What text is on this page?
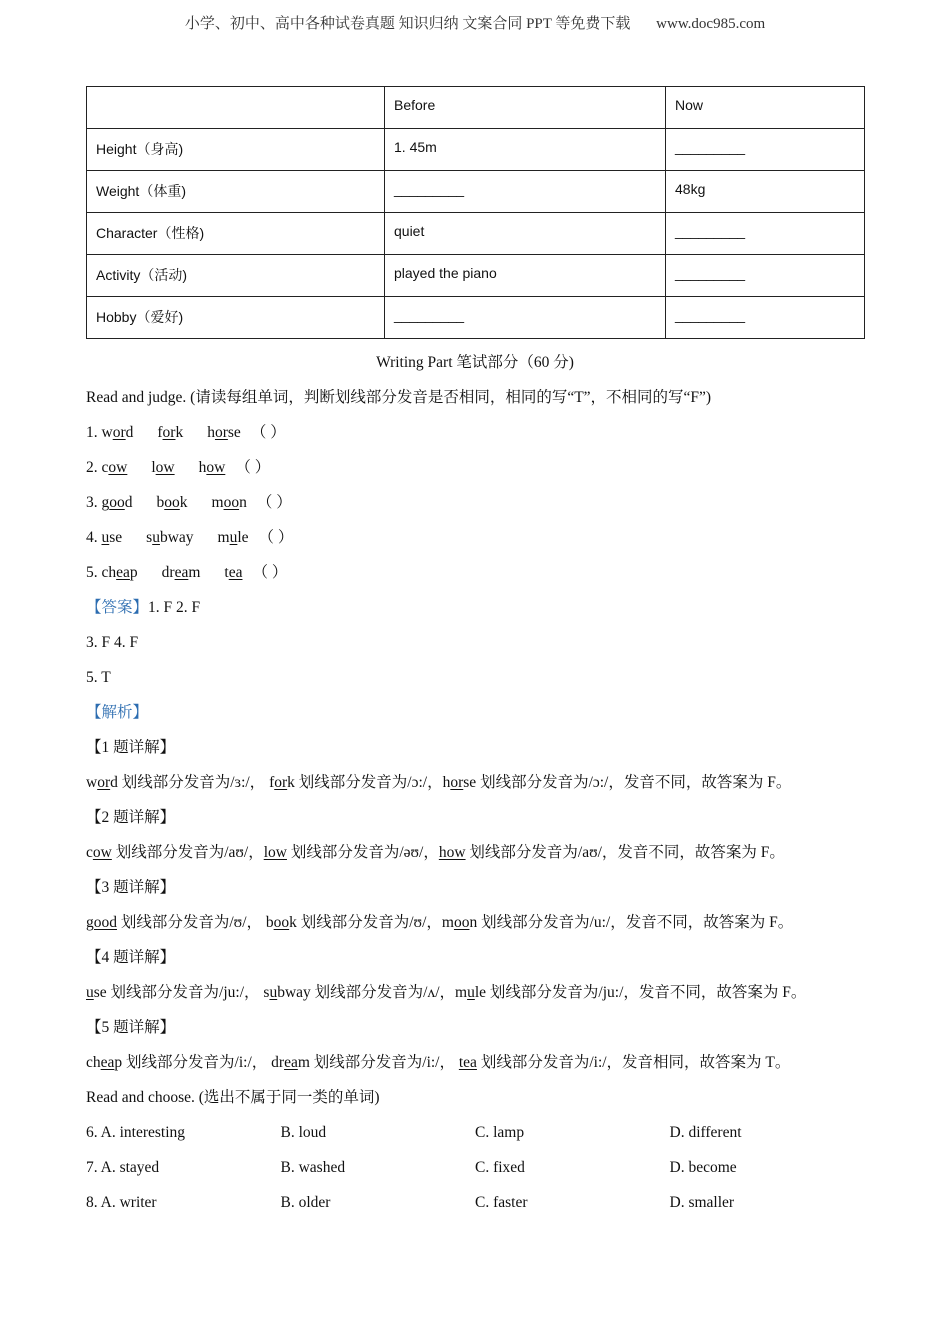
小学、初中、高中各种试卷真题 知识归纳 文案合同 PPT 等免费下载 www.doc985.com
	Before	Now
Height（身高)	1. 45m	_________
Weight（体重)	_________	48kg
Character（性格)	quiet	_________
Activity（活动)	played the piano	_________
Hobby（爱好)	_________	_________
Writing Part 笔试部分（60 分)
Read and judge. (请读每组单词，判断划线部分发音是否相同，相同的写“T”，不相同的写“F”)
1. word fork horse （ ）
2. cow low how （ ）
3. good book moon （ ）
4. use subway mule （ ）
5. cheap dream tea （ ）
【答案】1. F 2. F
3. F 4. F
5. T
【解析】
【1 题详解】
word 划线部分发音为/ɜ:/， fork 划线部分发音为/ɔ:/，horse 划线部分发音为/ɔ:/，发音不同，故答案为 F。
【2 题详解】
cow 划线部分发音为/aʊ/，low 划线部分发音为/əʊ/，how 划线部分发音为/aʊ/，发音不同，故答案为 F。
【3 题详解】
good 划线部分发音为/ʊ/， book 划线部分发音为/ʊ/，moon 划线部分发音为/u:/，发音不同，故答案为 F。
【4 题详解】
use 划线部分发音为/ju:/， subway 划线部分发音为/ʌ/，mule 划线部分发音为/ju:/，发音不同，故答案为 F。
【5 题详解】
cheap 划线部分发音为/i:/， dream 划线部分发音为/i:/， tea 划线部分发音为/i:/，发音相同，故答案为 T。
Read and choose. (选出不属于同一类的单词)
6. A. interesting	B. loud	C. lamp	D. different
7. A. stayed	B. washed	C. fixed	D. become
8. A. writer	B. older	C. faster	D. smaller
